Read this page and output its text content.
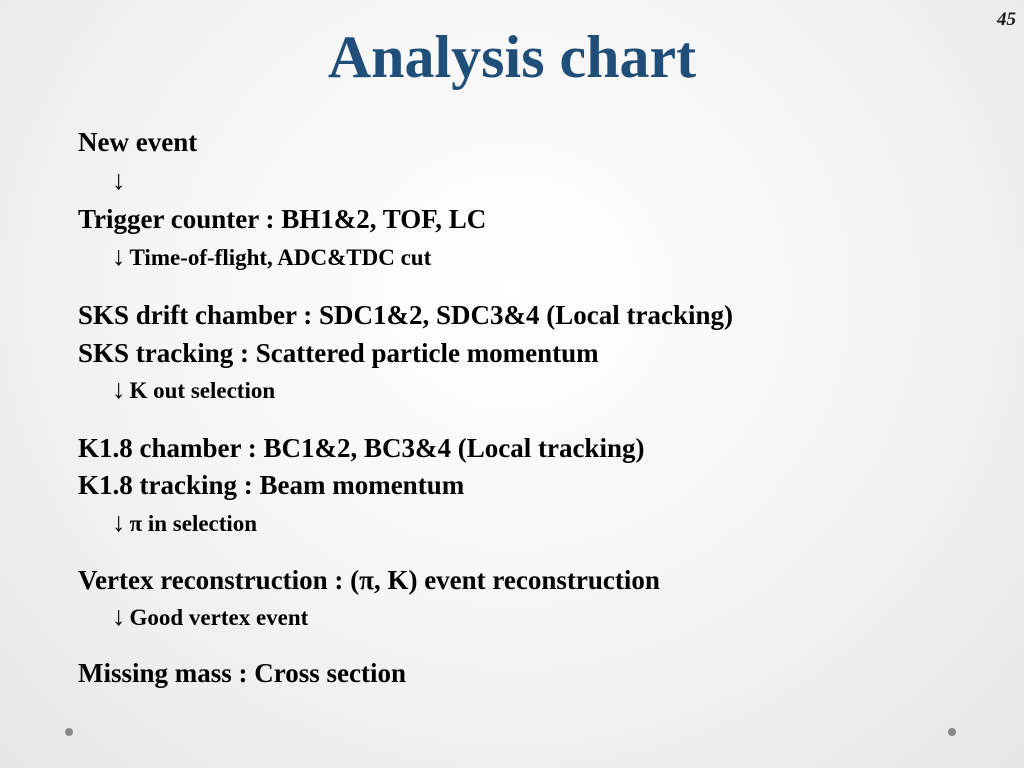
45
Analysis chart
New event
↓
Trigger counter : BH1&2, TOF, LC
↓ Time-of-flight, ADC&TDC cut
SKS drift chamber : SDC1&2, SDC3&4 (Local tracking)
SKS tracking : Scattered particle momentum
↓ K out selection
K1.8 chamber : BC1&2, BC3&4 (Local tracking)
K1.8 tracking : Beam momentum
↓ π in selection
Vertex reconstruction : (π, K) event reconstruction
↓ Good vertex event
Missing mass : Cross section
